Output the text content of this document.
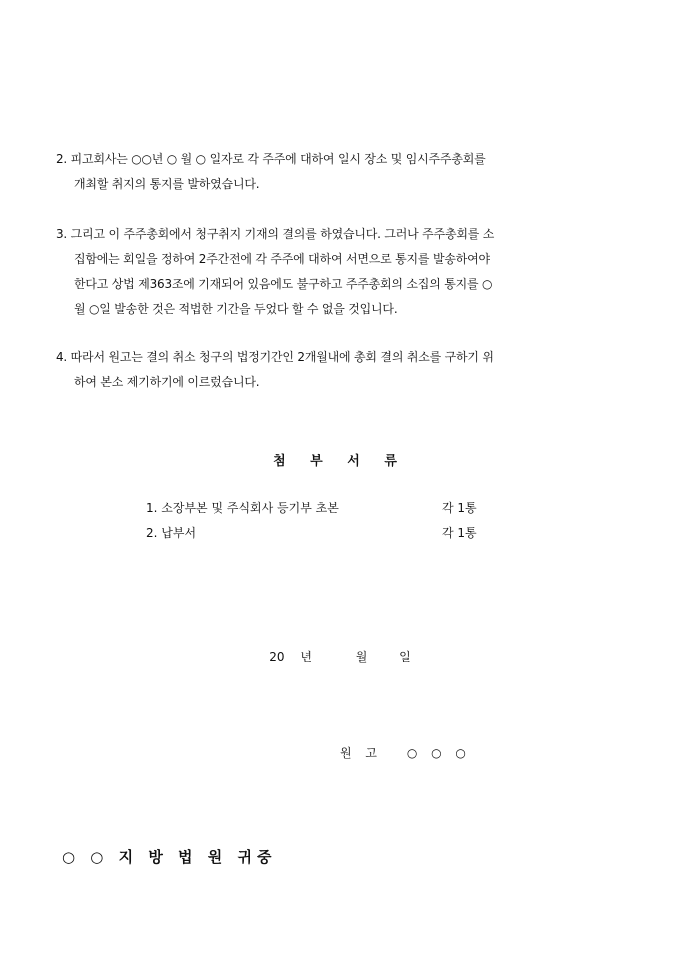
2. 피고회사는 ○○년 ○ 월 ○ 일자로 각 주주에 대하여 일시 장소 및 임시주주총회를
개최할 취지의 통지를 발하였습니다.
3. 그리고 이 주주총회에서 청구취지 기재의 결의를 하였습니다. 그러나 주주총회를 소
집함에는 회일을 정하여 2주간전에 각 주주에 대하여 서면으로 통지를 발송하여야
한다고 상법 제363조에 기재되어 있음에도 불구하고 주주총회의 소집의 통지를 ○
월 ○일 발송한 것은 적법한 기간을 두었다 할 수 없을 것입니다.
4. 따라서 원고는 결의 취소 청구의 법정기간인 2개월내에 총회 결의 취소를 구하기 위
하여 본소 제기하기에 이르렀습니다.
첨 부 서 류
1. 소장부본 및 주식회사 등기부 초본	각 1통
2. 납부서	각 1통
20 년	월	일
원 고 ○ ○ ○
○ ○ 지 방 법 원 귀중
